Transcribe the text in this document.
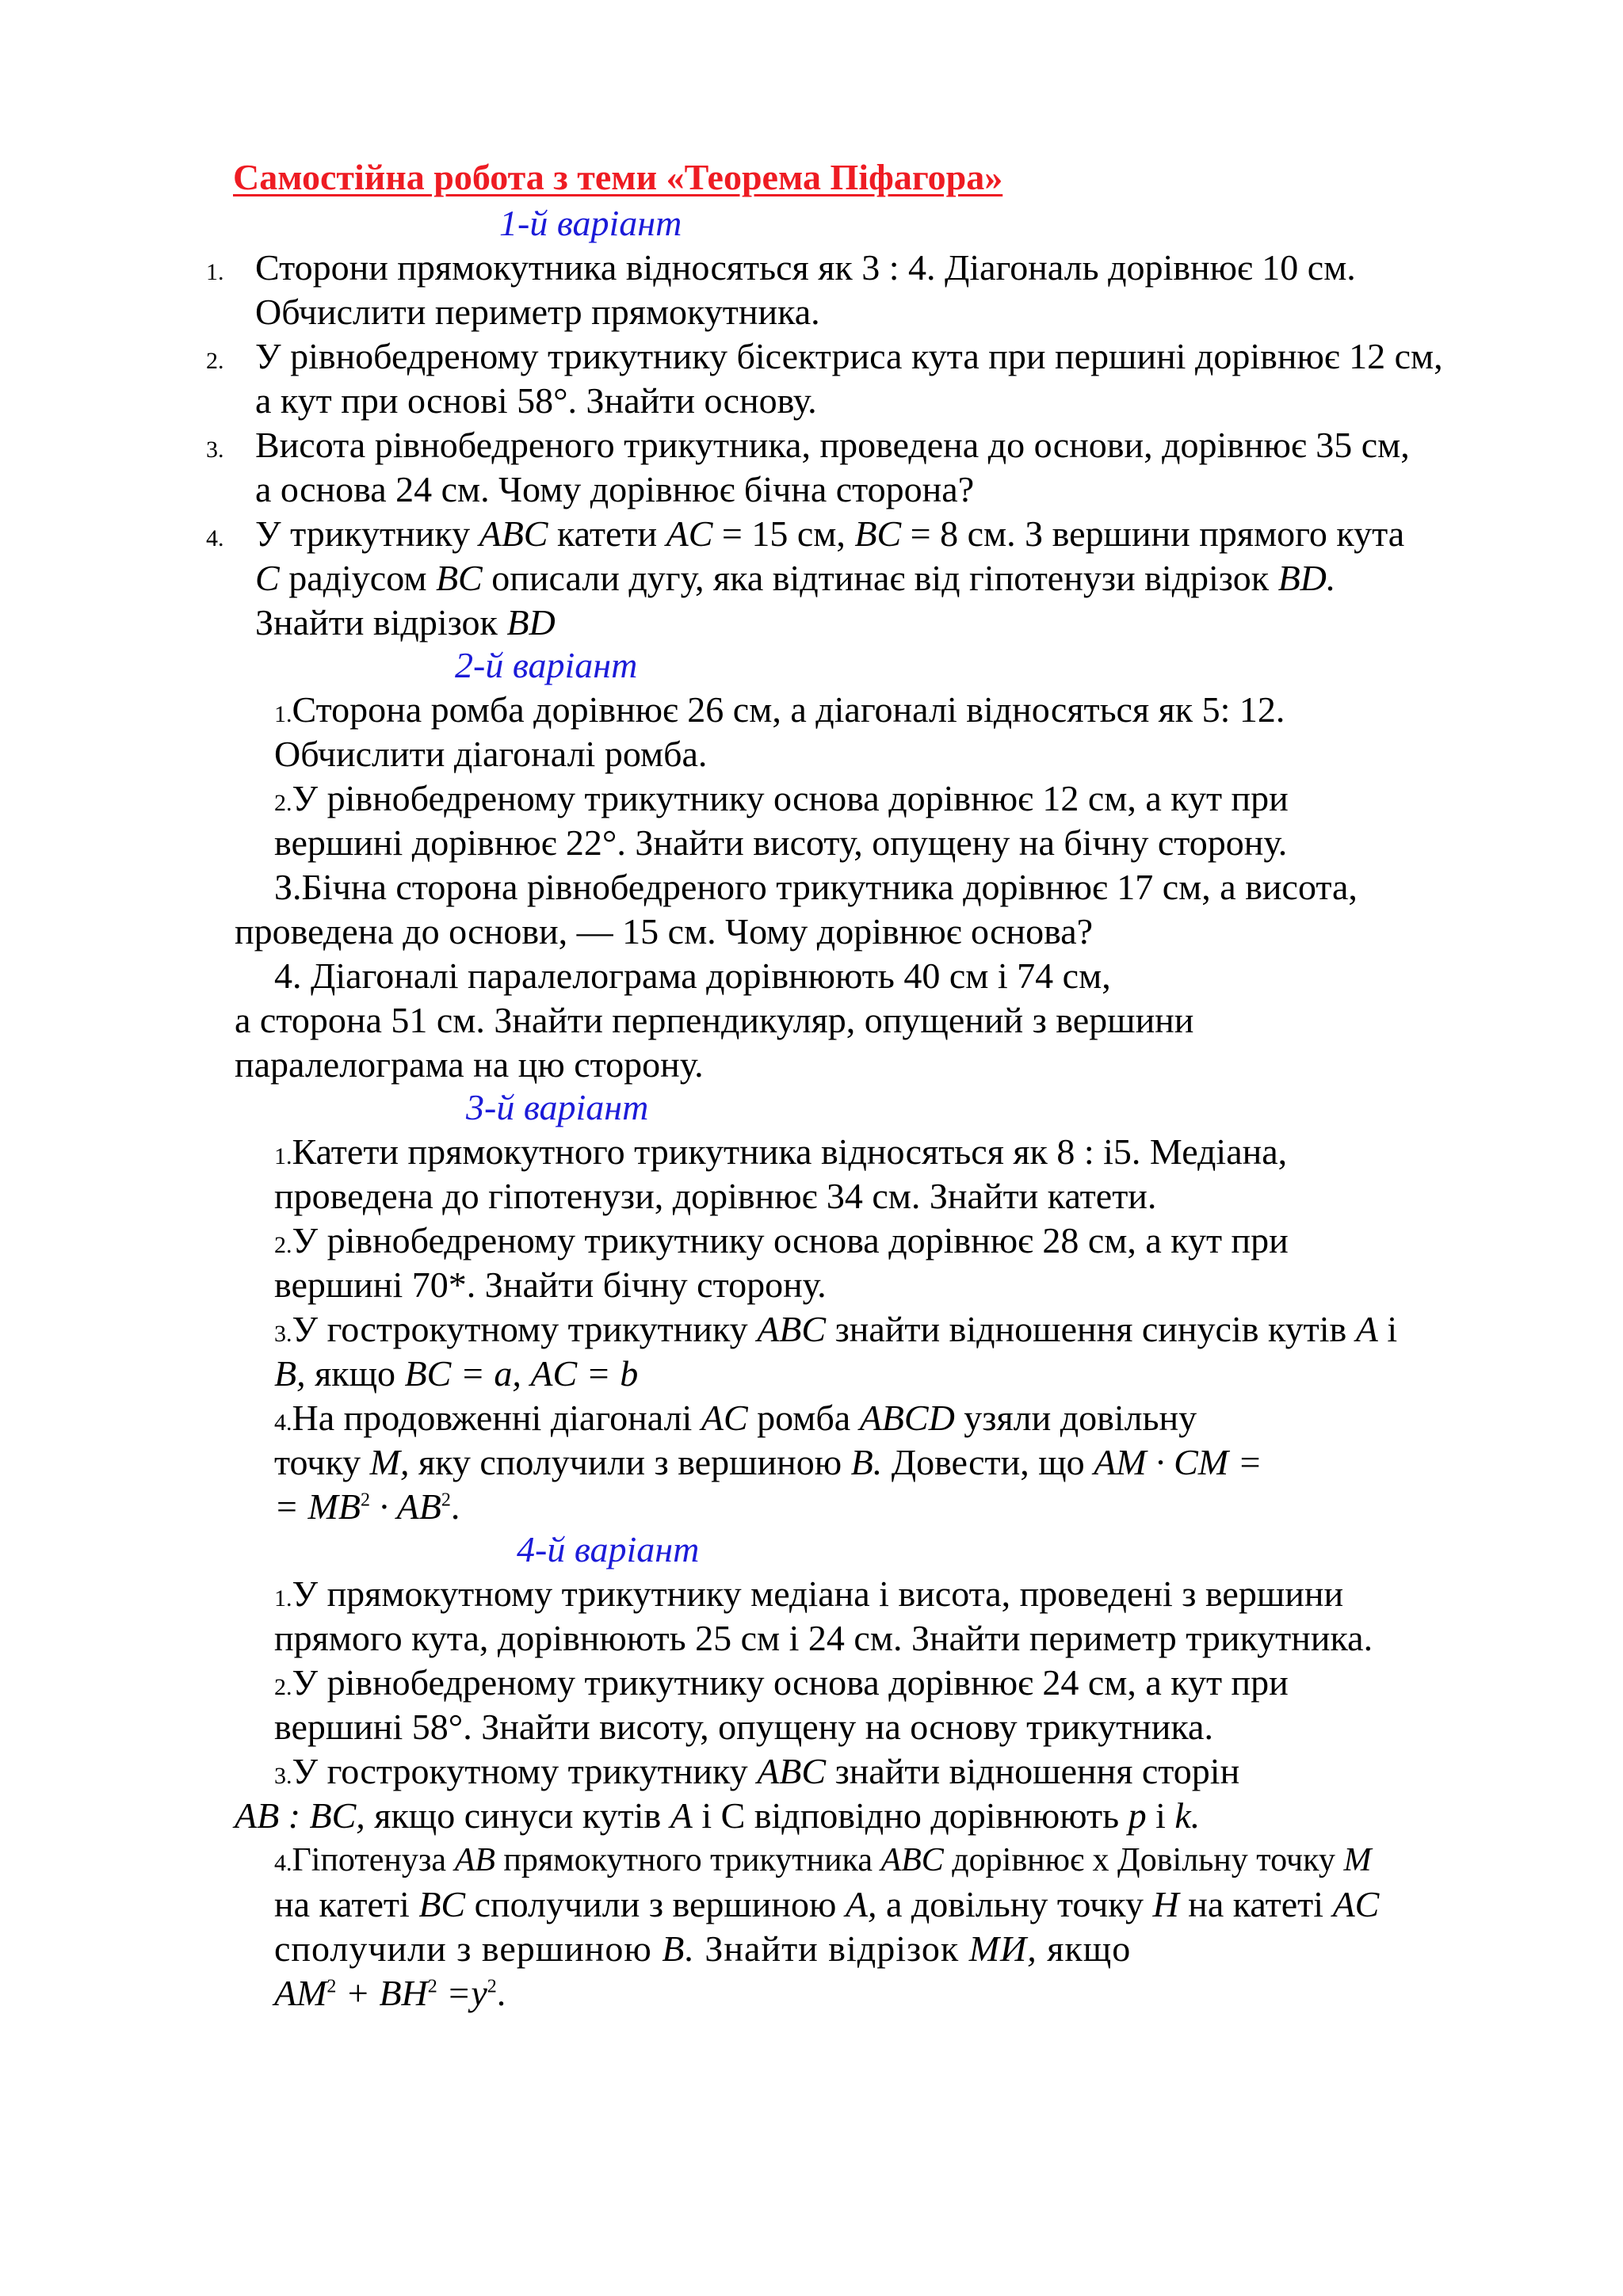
Самостійна робота з теми «Теорема Піфагора»
1-й варіант
1. Сторони прямокутника відносяться як 3 : 4. Діагональ дорівнює 10 см.
Обчислити периметр прямокутника.
2. У рівнобедреному трикутнику бісектриса кута при першині дорівнює 12 см,
а кут при основі 58°. Знайти основу.
3. Висота рівнобедреного трикутника, проведена до основи, дорівнює 35 см,
а основа 24 см. Чому дорівнює бічна сторона?
4. У трикутнику ABC катети AC = 15 см, BC = 8 см. З вершини прямого кута
C радіусом BC описали дугу, яка відтинає від гіпотенузи відрізок BD.
Знайти відрізок BD
2-й варіант
1.Сторона ромба дорівнює 26 см, а діагоналі відносяться як 5: 12.
Обчислити діагоналі ромба.
2.У рівнобедреному трикутнику основа дорівнює 12 см, а кут при
вершині дорівнює 22°. Знайти висоту, опущену на бічну сторону.
З.Бічна сторона рівнобедреного трикутника дорівнює 17 см, а висота,
проведена до основи, — 15 см. Чому дорівнює основа?
4. Діагоналі паралелограма дорівнюють 40 см і 74 см,
а сторона 51 см. Знайти перпендикуляр, опущений з вершини
паралелограма на цю сторону.
3-й варіант
1.Катети прямокутного трикутника відносяться як 8 : і5. Медіана,
проведена до гіпотенузи, дорівнює 34 см. Знайти катети.
2.У рівнобедреному трикутнику основа дорівнює 28 см, а кут при
вершині 70*. Знайти бічну сторону.
3.У гострокутному трикутнику ABC знайти відношення синусів кутів A і
B, якщо BC = a, AC = b
4.На продовженні діагоналі AC ромба ABCD узяли довільну
точку M, яку сполучили з вершиною B. Довести, що AM · CM =
= $MB^2 \cdot AB^2$.
4-й варіант
1.У прямокутному трикутнику медіана і висота, проведені з вершини
прямого кута, дорівнюють 25 см і 24 см. Знайти периметр трикутника.
2.У рівнобедреному трикутнику основа дорівнює 24 см, а кут при
вершині 58°. Знайти висоту, опущену на основу трикутника.
3.У гострокутному трикутнику ABC знайти відношення сторін
AB : BC, якщо синуси кутів A і С відповідно дорівнюють p і k.
4.Гіпотенуза AB прямокутного трикутника ABC дорівнює х Довільну точку M
на катеті BC сполучили з вершиною A, а довільну точку H на катеті AC
сполучили з вершиною B. Знайти відрізок MИ, якщо
$AM^2 + BH^2 =y^2$.
